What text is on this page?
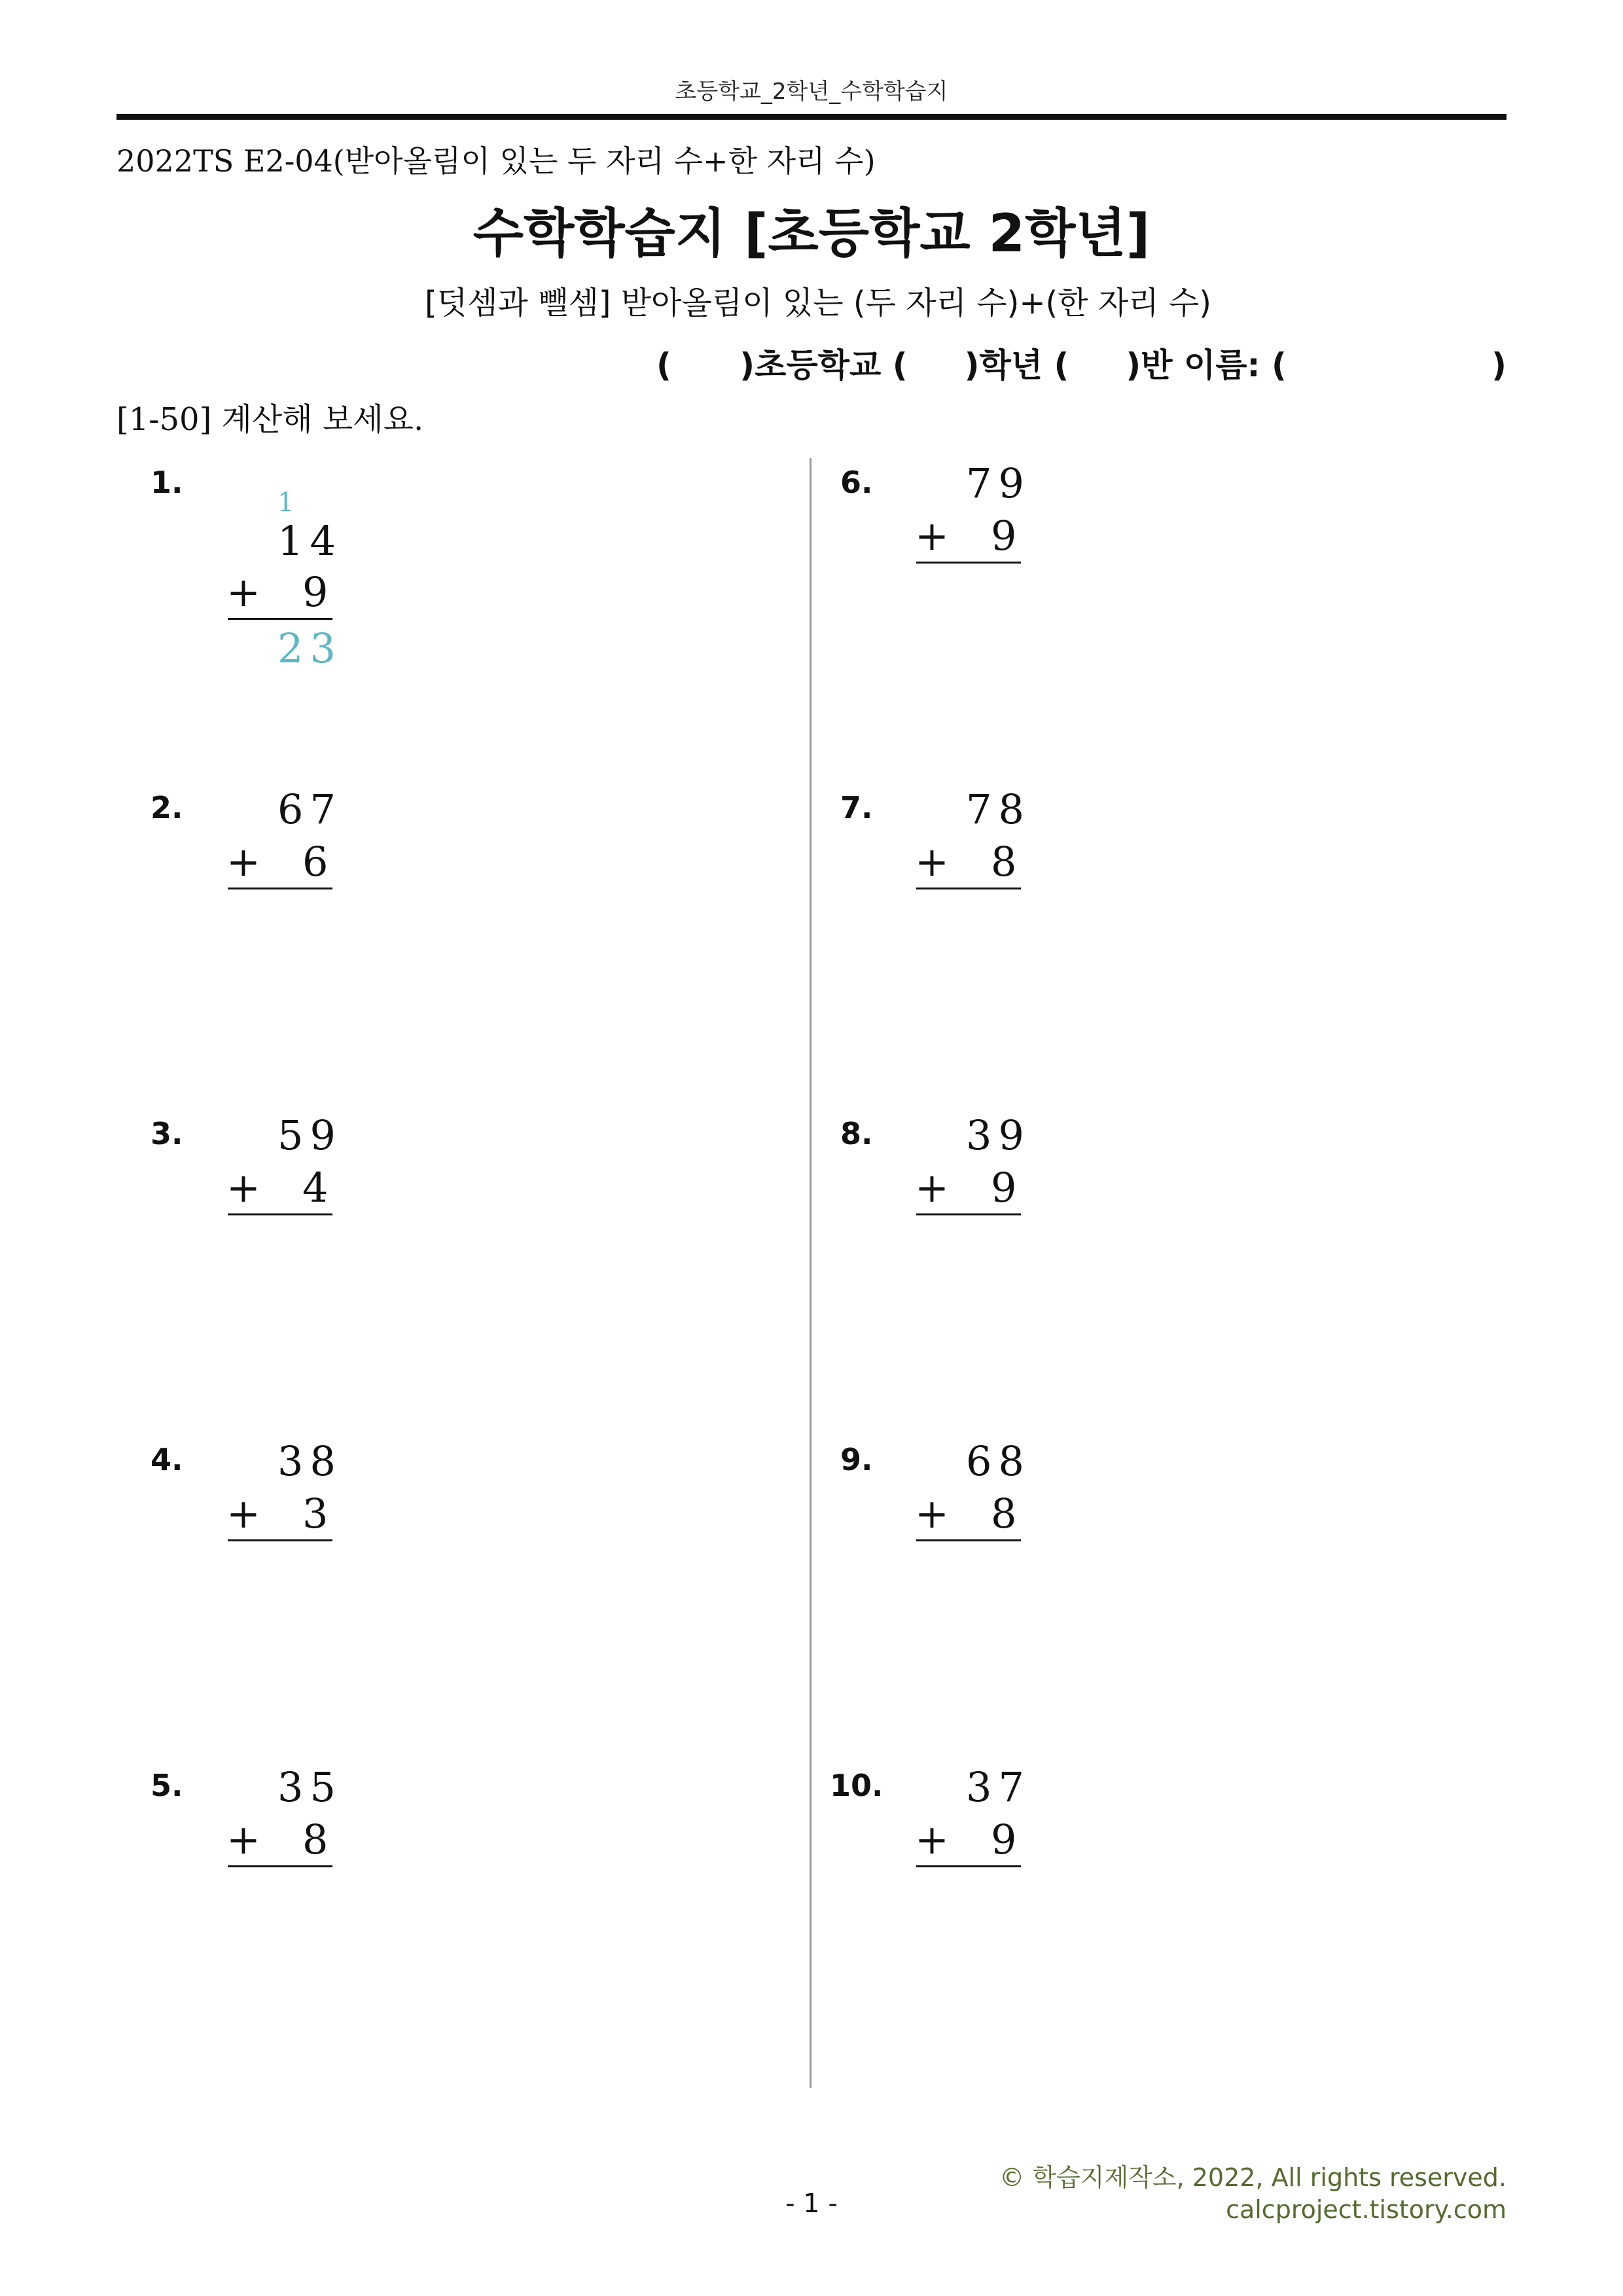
초등학교_2학년_수학학습지
2022TS E2-04(받아올림이 있는 두 자리 수+한 자리 수)
수학학습지 [초등학교 2학년]
[덧셈과 뺄셈] 받아올림이 있는 (두 자리 수)+(한 자리 수)
(      )초등학교 (     )학년 (     )반 이름: (                  )
[1-50] 계산해 보세요.
1.
1
14
+ 9
23
2. 67
+ 6
3. 59
+ 4
4. 38
+ 3
5. 35
+ 8
6. 79
+ 9
7. 78
+ 8
8. 39
+ 9
9. 68
+ 8
10. 37
+ 9
© 학습지제작소, 2022, All rights reserved.
calcproject.tistory.com
- 1 -
